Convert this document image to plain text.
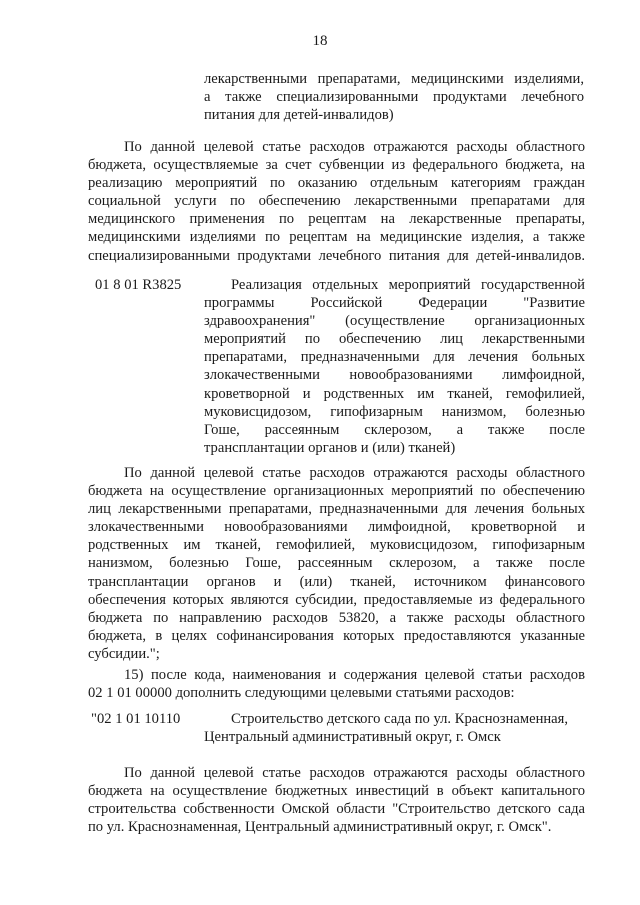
18
лекарственными препаратами, медицинскими изделиями,
а также специализированными продуктами лечебного
питания для детей-инвалидов)
По данной целевой статье расходов отражаются расходы областного
бюджета, осуществляемые за счет субвенции из федерального бюджета, на
реализацию мероприятий по оказанию отдельным категориям граждан
социальной услуги по обеспечению лекарственными препаратами для
медицинского применения по рецептам на лекарственные препараты,
медицинскими изделиями по рецептам на медицинские изделия, а также
специализированными продуктами лечебного питания для детей-инвалидов.
01 8 01 R3825	Реализация отдельных мероприятий государственной
программы Российской Федерации "Развитие
здравоохранения" (осуществление организационных
мероприятий по обеспечению лиц лекарственными
препаратами, предназначенными для лечения больных
злокачественными новообразованиями лимфоидной,
кроветворной и родственных им тканей, гемофилией,
муковисцидозом, гипофизарным нанизмом, болезнью
Гоше, рассеянным склерозом, а также после
трансплантации органов и (или) тканей)
По данной целевой статье расходов отражаются расходы областного
бюджета на осуществление организационных мероприятий по обеспечению
лиц лекарственными препаратами, предназначенными для лечения больных
злокачественными новообразованиями лимфоидной, кроветворной и
родственных им тканей, гемофилией, муковисцидозом, гипофизарным
нанизмом, болезнью Гоше, рассеянным склерозом, а также после
трансплантации органов и (или) тканей, источником финансового
обеспечения которых являются субсидии, предоставляемые из федерального
бюджета по направлению расходов 53820, а также расходы областного
бюджета, в целях софинансирования которых предоставляются указанные
субсидии.";
15) после кода, наименования и содержания целевой статьи расходов
02 1 01 00000 дополнить следующими целевыми статьями расходов:
"02 1 01 10110	Строительство детского сада по ул. Краснознаменная,
Центральный административный округ, г. Омск
По данной целевой статье расходов отражаются расходы областного
бюджета на осуществление бюджетных инвестиций в объект капитального
строительства собственности Омской области "Строительство детского сада
по ул. Краснознаменная, Центральный административный округ, г. Омск".
